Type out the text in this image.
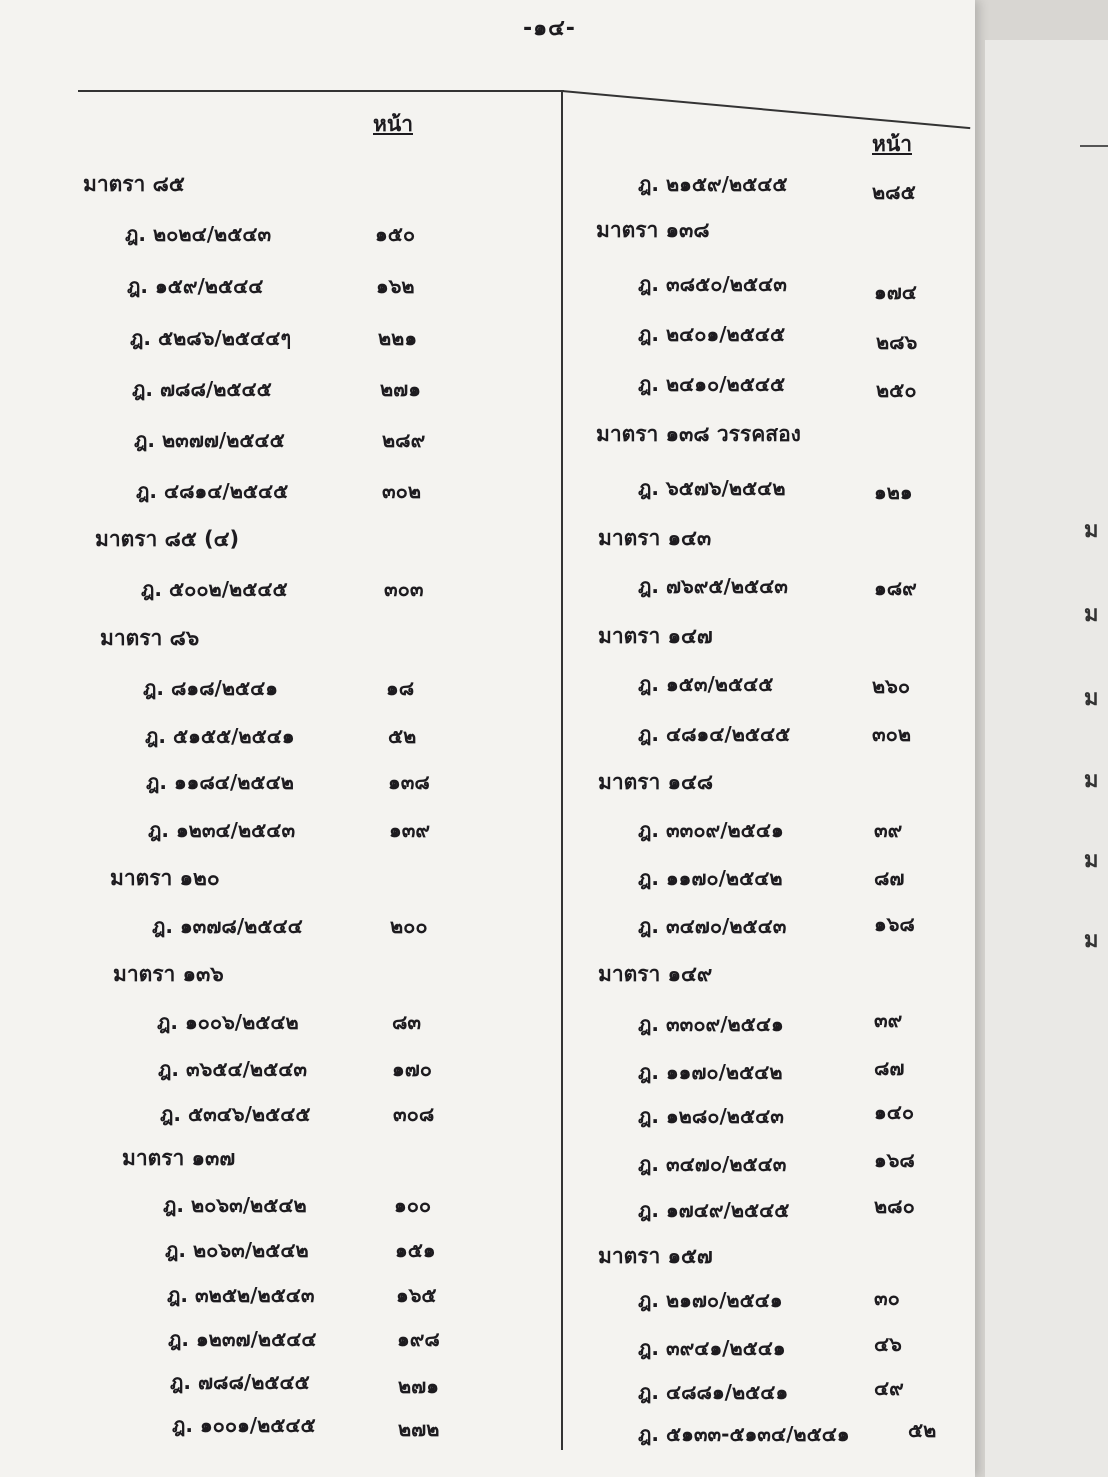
-๑๔-
หน้า
หน้า
มาตรา ๘๕
ฎ. ๒๐๒๔/๒๕๔๓	๑๕๐
ฎ. ๑๕๙/๒๕๔๔	๑๖๒
ฎ. ๕๒๘๖/๒๕๔๔ๆ	๒๒๑
ฎ. ๗๘๘/๒๕๔๕	๒๗๑
ฎ. ๒๓๗๗/๒๕๔๕	๒๘๙
ฎ. ๔๘๑๔/๒๕๔๕	๓๐๒
มาตรา ๘๕ (๔)
ฎ. ๕๐๐๒/๒๕๔๕	๓๐๓
มาตรา ๘๖
ฎ. ๘๑๘/๒๕๔๑	๑๘
ฎ. ๕๑๕๕/๒๕๔๑	๕๒
ฎ. ๑๑๘๔/๒๕๔๒	๑๓๘
ฎ. ๑๒๓๔/๒๕๔๓	๑๓๙
มาตรา ๑๒๐
ฎ. ๑๓๗๘/๒๕๔๔	๒๐๐
มาตรา ๑๓๖
ฎ. ๑๐๐๖/๒๕๔๒	๘๓
ฎ. ๓๖๕๔/๒๕๔๓	๑๗๐
ฎ. ๕๓๔๖/๒๕๔๕	๓๐๘
มาตรา ๑๓๗
ฎ. ๒๐๖๓/๒๕๔๒	๑๐๐
ฎ. ๒๐๖๓/๒๕๔๒	๑๕๑
ฎ. ๓๒๕๒/๒๕๔๓	๑๖๕
ฎ. ๑๒๓๗/๒๕๔๔	๑๙๘
ฎ. ๗๘๘/๒๕๔๕	๒๗๑
ฎ. ๑๐๐๑/๒๕๔๕	๒๗๒
ฎ. ๒๑๕๙/๒๕๔๕	๒๘๕
มาตรา ๑๓๘
ฎ. ๓๘๕๐/๒๕๔๓	๑๗๔
ฎ. ๒๔๐๑/๒๕๔๕	๒๘๖
ฎ. ๒๔๑๐/๒๕๔๕	๒๕๐
มาตรา ๑๓๘ วรรคสอง
ฎ. ๖๕๗๖/๒๕๔๒	๑๒๑
มาตรา ๑๔๓
ฎ. ๗๖๙๕/๒๕๔๓	๑๘๙
มาตรา ๑๔๗
ฎ. ๑๕๓/๒๕๔๕	๒๖๐
ฎ. ๔๘๑๔/๒๕๔๕	๓๐๒
มาตรา ๑๔๘
ฎ. ๓๓๐๙/๒๕๔๑	๓๙
ฎ. ๑๑๗๐/๒๕๔๒	๘๗
ฎ. ๓๔๗๐/๒๕๔๓	๑๖๘
มาตรา ๑๔๙
ฎ. ๓๓๐๙/๒๕๔๑	๓๙
ฎ. ๑๑๗๐/๒๕๔๒	๘๗
ฎ. ๑๒๘๐/๒๕๔๓	๑๔๐
ฎ. ๓๔๗๐/๒๕๔๓	๑๖๘
ฎ. ๑๗๔๙/๒๕๔๕	๒๘๐
มาตรา ๑๕๗
ฎ. ๒๑๗๐/๒๕๔๑	๓๐
ฎ. ๓๙๔๑/๒๕๔๑	๔๖
ฎ. ๔๘๘๑/๒๕๔๑	๔๙
ฎ. ๕๑๓๓-๕๑๓๔/๒๕๔๑	๕๒
ม
ม
ม
ม
ม
ม
